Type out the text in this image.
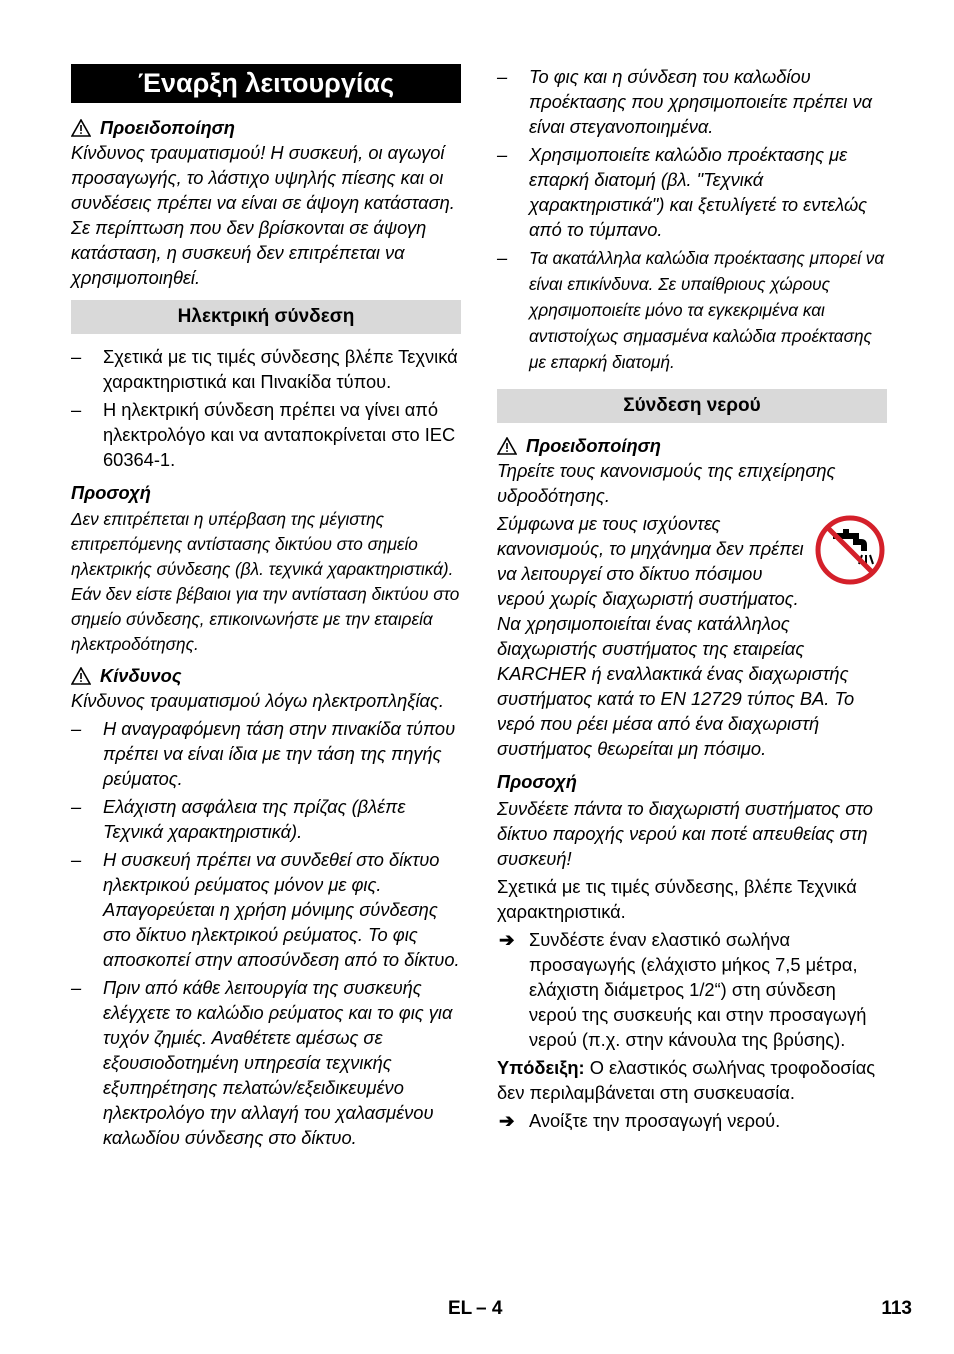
Έναρξη λειτουργίας
Προειδοποίηση

Κίνδυνος τραυματισμού! Η συσκευή, οι αγωγοί προσαγωγής, το λάστιχο υψηλής πίεσης και οι συνδέσεις πρέπει να είναι σε άψογη κατάσταση. Σε περίπτωση που δεν βρίσκονται σε άψογη κατάσταση, η συσκευή δεν επιτρέπεται να χρησιμοποιηθεί.

Ηλεκτρική σύνδεση
– Σχετικά με τις τιμές σύνδεσης βλέπε Τεχνικά χαρακτηριστικά και Πινακίδα τύπου.
– Η ηλεκτρική σύνδεση πρέπει να γίνει από ηλεκτρολόγο και να ανταποκρίνεται στο IEC 60364-1.
Προσοχή

Δεν επιτρέπεται η υπέρβαση της μέγιστης επιτρεπόμενης αντίστασης δικτύου στο σημείο ηλεκτρικής σύνδεσης (βλ. τεχνικά χαρακτηριστικά). Εάν δεν είστε βέβαιοι για την αντίσταση δικτύου στο σημείο σύνδεσης, επικοινωνήστε με την εταιρεία ηλεκτροδότησης.

Κίνδυνος

Κίνδυνος τραυματισμού λόγω ηλεκτροπληξίας.

– Η αναγραφόμενη τάση στην πινακίδα τύπου πρέπει να είναι ίδια με την τάση της πηγής ρεύματος.
– Ελάχιστη ασφάλεια της πρίζας (βλέπε Τεχνικά χαρακτηριστικά).
– Η συσκευή πρέπει να συνδεθεί στο δίκτυο ηλεκτρικού ρεύματος μόνον με φις. Απαγορεύεται η χρήση μόνιμης σύνδεσης στο δίκτυο ηλεκτρικού ρεύματος. Το φις αποσκοπεί στην αποσύνδεση από το δίκτυο.
– Πριν από κάθε λειτουργία της συσκευής ελέγχετε το καλώδιο ρεύματος και το φις για τυχόν ζημιές. Αναθέτετε αμέσως σε εξουσιοδοτημένη υπηρεσία τεχνικής εξυπηρέτησης πελατών/εξειδικευμένο ηλεκτρολόγο την αλλαγή του χαλασμένου καλωδίου σύνδεσης στο δίκτυο.
– Το φις και η σύνδεση του καλωδίου προέκτασης που χρησιμοποιείτε πρέπει να είναι στεγανοποιημένα.
– Χρησιμοποιείτε καλώδιο προέκτασης με επαρκή διατομή (βλ. "Τεχνικά χαρακτηριστικά") και ξετυλίγετέ το εντελώς από το τύμπανο.
– Τα ακατάλληλα καλώδια προέκτασης μπορεί να είναι επικίνδυνα. Σε υπαίθριους χώρους χρησιμοποιείτε μόνο τα εγκεκριμένα και αντιστοίχως σημασμένα καλώδια προέκτασης με επαρκή διατομή.
Σύνδεση νερού
Προειδοποίηση

Τηρείτε τους κανονισμούς της επιχείρησης υδροδότησης.

Σύμφωνα με τους ισχύοντες κανονισμούς, το μηχάνημα δεν πρέπει να λειτουργεί στο δίκτυο πόσιμου νερού χωρίς διαχωριστή συστήματος. Να χρησιμοποιείται ένας κατάλληλος διαχωριστής συστήματος της εταιρείας KARCHER ή εναλλακτικά ένας διαχωριστής συστήματος κατά το EN 12729 τύπος BA. Το νερό που ρέει μέσα από ένα διαχωριστή συστήματος θεωρείται μη πόσιμο.

Προσοχή

Συνδέετε πάντα το διαχωριστή συστήματος στο δίκτυο παροχής νερού και ποτέ απευθείας στη συσκευή!

Σχετικά με τις τιμές σύνδεσης, βλέπε Τεχνικά χαρακτηριστικά.

➔ Συνδέστε έναν ελαστικό σωλήνα προσαγωγής (ελάχιστο μήκος 7,5 μέτρα, ελάχιστη διάμετρος 1/2“) στη σύνδεση νερού της συσκευής και στην προσαγωγή νερού (π.χ. στην κάνουλα της βρύσης).

Υπόδειξη: Ο ελαστικός σωλήνας τροφοδοσίας δεν περιλαμβάνεται στη συσκευασία.

➔ Ανοίξτε την προσαγωγή νερού.
EL – 4	113
